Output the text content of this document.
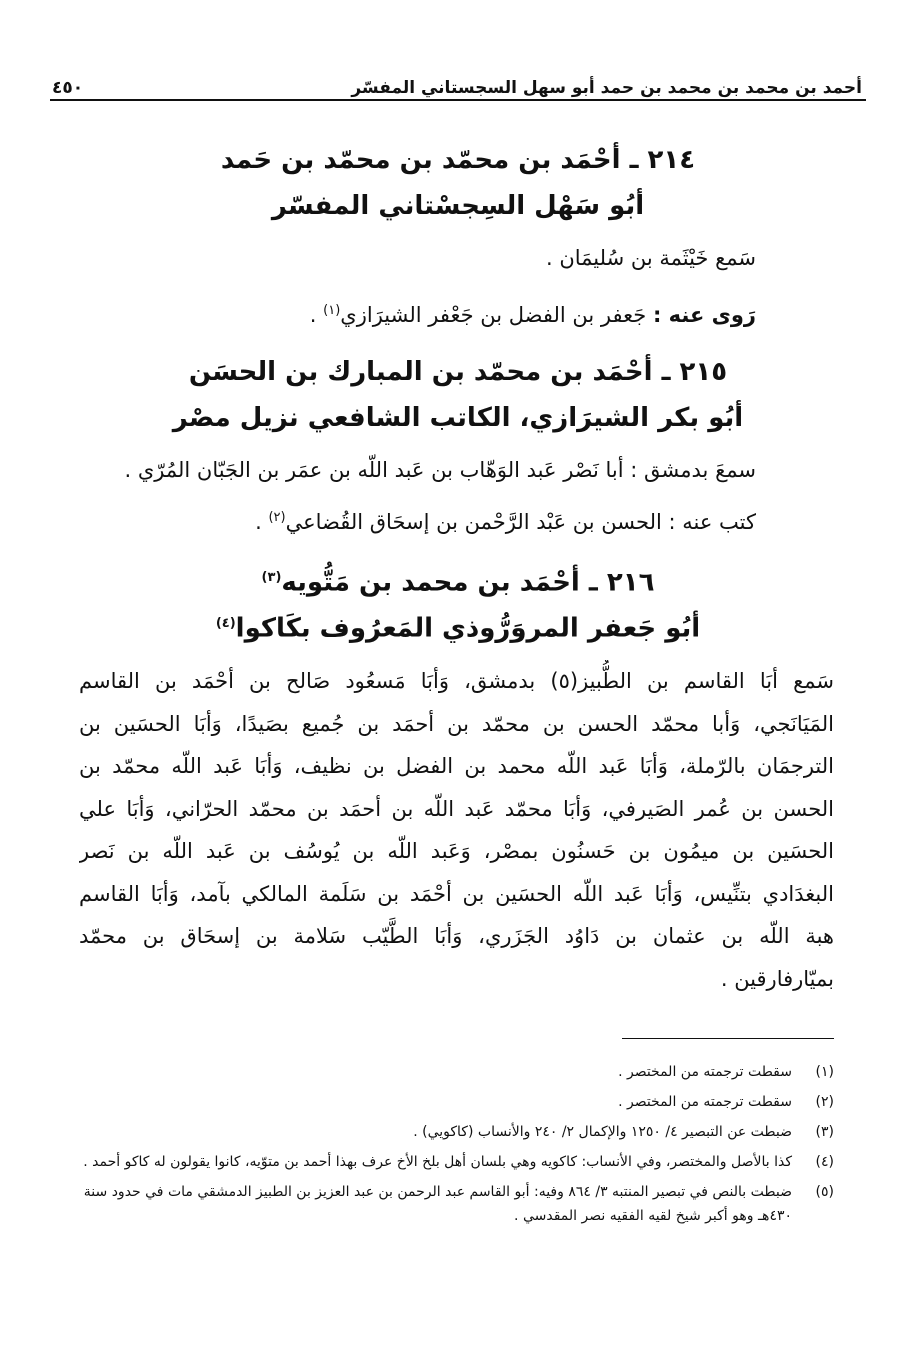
أحمد بن محمد بن محمد بن حمد أبو سهل السجستاني المفسّر
٤٥٠
٢١٤ ـ أحْمَد بن محمّد بن محمّد بن حَمد
أبُو سَهْل السِجسْتاني المفسّر
سَمع خَيْثَمة بن سُليمَان .
رَوى عنه : جَعفر بن الفضل بن جَعْفر الشيرَازي$^{(١)}$ .
٢١٥ ـ أحْمَد بن محمّد بن المبارك بن الحسَن
أبُو بكر الشيرَازي، الكاتب الشافعي نزيل مصْر
سمعَ بدمشق : أبا نَصْر عَبد الوَهّاب بن عَبد اللّه بن عمَر بن الجَبّان المُرّي .
كتب عنه : الحسن بن عَبْد الرَّحْمن بن إسحَاق القُضاعي$^{(٢)}$ .
٢١٦ ـ أحْمَد بن محمد بن مَتُّويه$^{(٣)}$
أبُو جَعفر المروَرُّوذي المَعرُوف بكَاكوا$^{(٤)}$
سَمع أبَا القاسم بن الطُّبيز(٥) بدمشق، وَأبَا مَسعُود صَالح بن أحْمَد بن القاسم
المَيَانَجي، وَأبا محمّد الحسن بن محمّد بن أحمَد بن جُميع بصَيدًا، وَأبَا الحسَين بن
الترجمَان بالرّملة، وَأبَا عَبد اللّه محمد بن الفضل بن نظيف، وَأبَا عَبد اللّه محمّد بن
الحسن بن عُمر الصَيرفي، وَأبَا محمّد عَبد اللّه بن أحمَد بن محمّد الحرّاني، وَأبَا علي
الحسَين بن ميمُون بن حَسنُون بمصْر، وَعَبد اللّه بن يُوسُف بن عَبد اللّه بن نَصر
البغدَادي بتنِّيس، وَأبَا عَبد اللّه الحسَين بن أحْمَد بن سَلَمة المالكي بآمد، وَأبَا القاسم
هبة اللّه بن عثمان بن دَاوُد الجَزَري، وَأبَا الطَّيّب سَلامة بن إسحَاق بن محمّد
بميّارفارقين .
(١)
سقطت ترجمته من المختصر .
(٢)
سقطت ترجمته من المختصر .
(٣)
ضبطت عن التبصير ٤/ ١٢٥٠ والإكمال ٢/ ٢٤٠ والأنساب (كاكويي) .
(٤)
كذا بالأصل والمختصر، وفي الأنساب: كاكويه وهي بلسان أهل بلخ الأخ عرف بهذا أحمد بن متوّيه، كانوا يقولون له كاكو أحمد .
(٥)
ضبطت بالنص في تبصير المنتبه ٣/ ٨٦٤ وفيه: أبو القاسم عبد الرحمن بن عبد العزيز بن الطبيز الدمشقي مات في حدود سنة ٤٣٠هـ وهو أكبر شيخ لقيه الفقيه نصر المقدسي .
